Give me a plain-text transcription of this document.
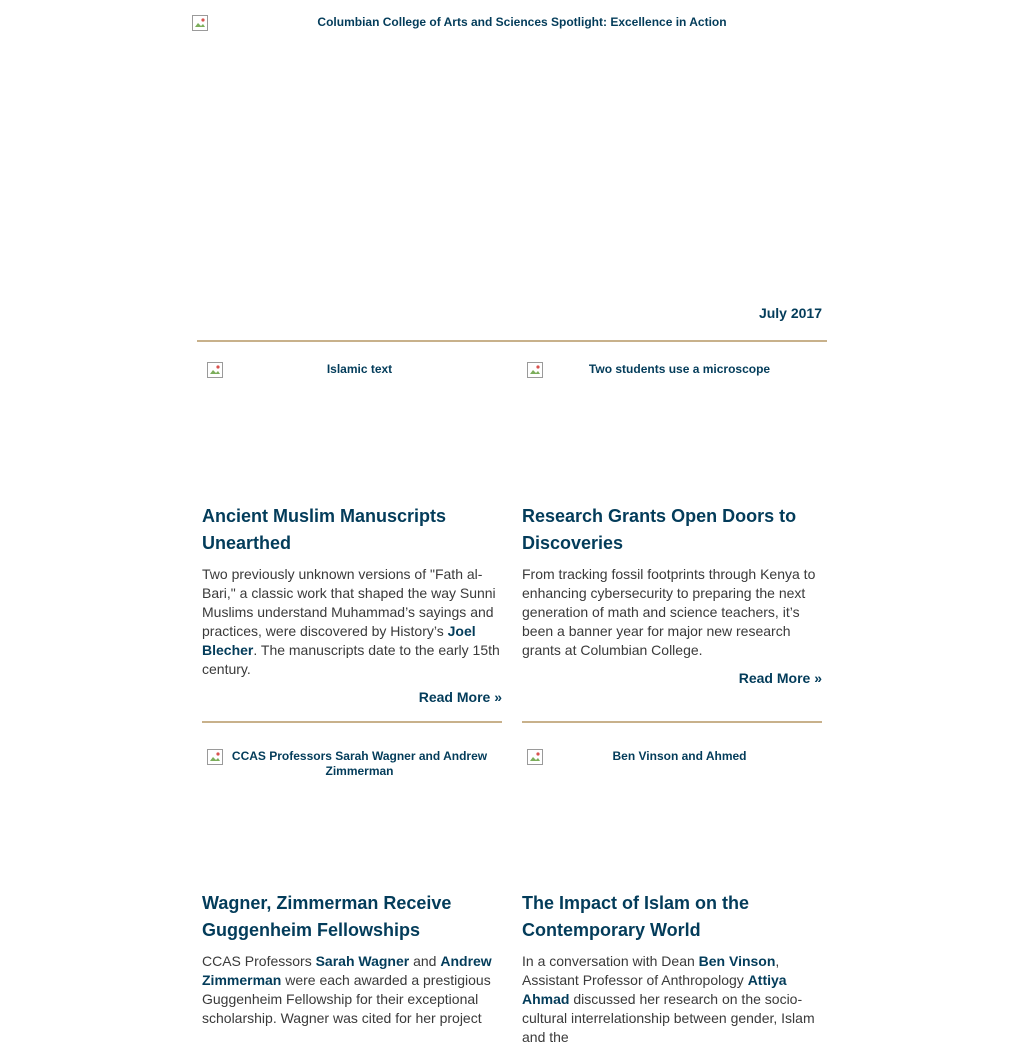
Columbian College of Arts and Sciences Spotlight: Excellence in Action
July 2017
Islamic text
Ancient Muslim Manuscripts Unearthed

Two previously unknown versions of "Fath al-Bari," a classic work that shaped the way Sunni Muslims understand Muhammad’s sayings and practices, were discovered by History’s Joel Blecher. The manuscripts date to the early 15th century.

Read More »
Two students use a microscope
Research Grants Open Doors to Discoveries

From tracking fossil footprints through Kenya to enhancing cybersecurity to preparing the next generation of math and science teachers, it’s been a banner year for major new research grants at Columbian College.

Read More »
CCAS Professors Sarah Wagner and Andrew Zimmerman
Wagner, Zimmerman Receive Guggenheim Fellowships

CCAS Professors Sarah Wagner and Andrew Zimmerman were each awarded a prestigious Guggenheim Fellowship for their exceptional scholarship. Wagner was cited for her project

Ben Vinson and Ahmed
The Impact of Islam on the Contemporary World

In a conversation with Dean Ben Vinson, Assistant Professor of Anthropology Attiya Ahmad discussed her research on the socio-cultural interrelationship between gender, Islam and the
